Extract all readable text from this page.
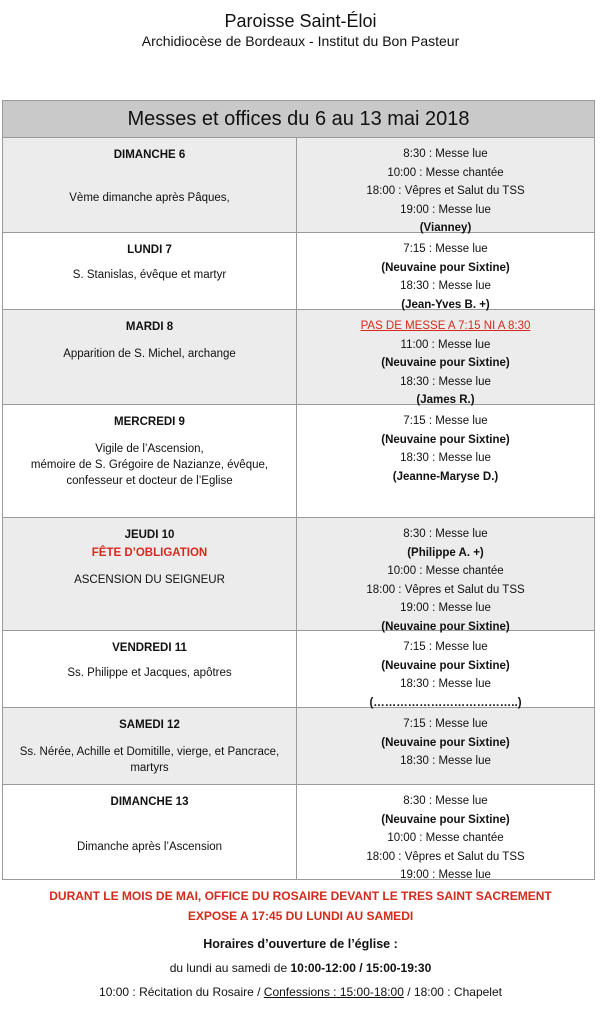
Paroisse Saint-Éloi
Archidiocèse de Bordeaux - Institut du Bon Pasteur
Messes et offices du 6 au 13 mai 2018
DIMANCHE 6
Vème dimanche après Pâques,
8:30 : Messe lue
10:00 : Messe chantée
18:00 : Vêpres et Salut du TSS
19:00 : Messe lue
(Vianney)
LUNDI 7
S. Stanislas, évêque et martyr
7:15 : Messe lue
(Neuvaine pour Sixtine)
18:30 : Messe lue
(Jean-Yves B. +)
MARDI 8
Apparition de S. Michel, archange
PAS DE MESSE A 7:15 NI A 8:30
11:00 : Messe lue
(Neuvaine pour Sixtine)
18:30 : Messe lue
(James R.)
MERCREDI 9
Vigile de l’Ascension,
mémoire de S. Grégoire de Nazianze, évêque,
confesseur et docteur de l’Eglise
7:15 : Messe lue
(Neuvaine pour Sixtine)
18:30 : Messe lue
(Jeanne-Maryse D.)
JEUDI 10
FÊTE D’OBLIGATION
ASCENSION DU SEIGNEUR
8:30 : Messe lue
(Philippe A. +)
10:00 : Messe chantée
18:00 : Vêpres et Salut du TSS
19:00 : Messe lue
(Neuvaine pour Sixtine)
VENDREDI 11
Ss. Philippe et Jacques, apôtres
7:15 : Messe lue
(Neuvaine pour Sixtine)
18:30 : Messe lue
(………………………………..)
SAMEDI 12
Ss. Nérée, Achille et Domitille, vierge, et Pancrace,
martyrs
7:15 : Messe lue
(Neuvaine pour Sixtine)
18:30 : Messe lue
DIMANCHE 13
Dimanche après l’Ascension
8:30 : Messe lue
(Neuvaine pour Sixtine)
10:00 : Messe chantée
18:00 : Vêpres et Salut du TSS
19:00 : Messe lue
DURANT LE MOIS DE MAI, OFFICE DU ROSAIRE DEVANT LE TRES SAINT SACREMENT
EXPOSE A 17:45 DU LUNDI AU SAMEDI
Horaires d’ouverture de l’église :
du lundi au samedi de 10:00-12:00 / 15:00-19:30
10:00 : Récitation du Rosaire / Confessions : 15:00-18:00 / 18:00 : Chapelet
